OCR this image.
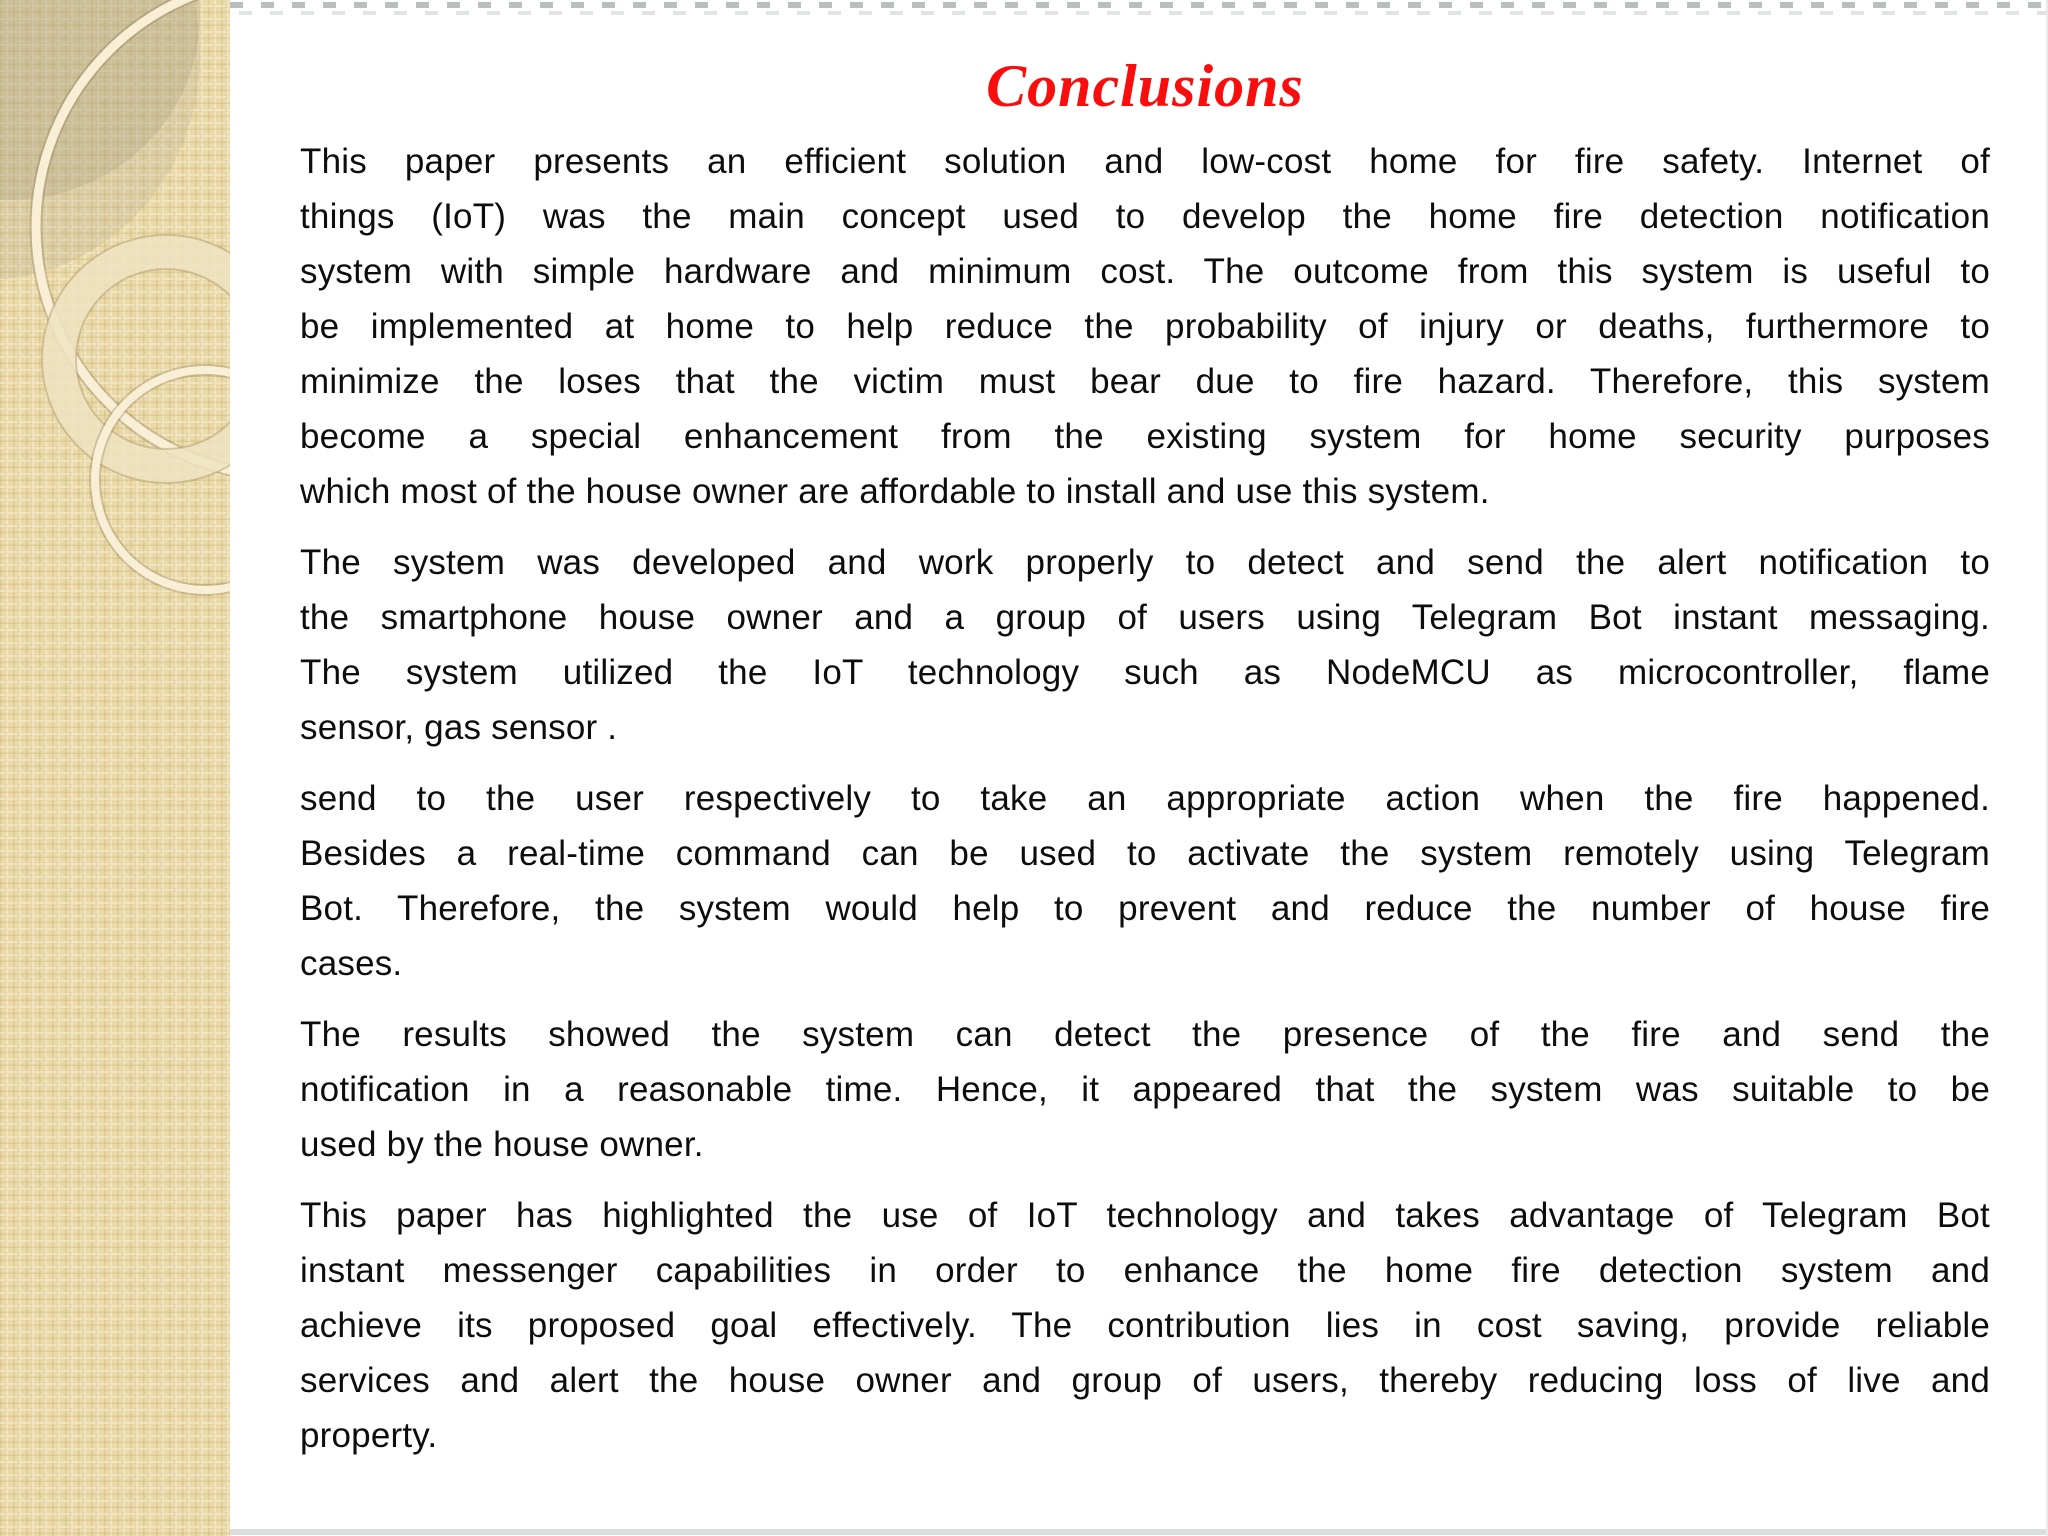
Conclusions

This paper presents an efficient solution and low-cost home for fire safety. Internet of
things (IoT) was the main concept used to develop the home fire detection notification
system with simple hardware and minimum cost. The outcome from this system is useful to
be implemented at home to help reduce the probability of injury or deaths, furthermore to
minimize the loses that the victim must bear due to fire hazard. Therefore, this system
become a special enhancement from the existing system for home security purposes
which most of the house owner are affordable to install and use this system.

The system was developed and work properly to detect and send the alert notification to
the smartphone house owner and a group of users using Telegram Bot instant messaging.
The system utilized the IoT technology such as NodeMCU as microcontroller, flame
sensor, gas sensor .

send to the user respectively to take an appropriate action when the fire happened.
Besides a real-time command can be used to activate the system remotely using Telegram
Bot. Therefore, the system would help to prevent and reduce the number of house fire
cases.

The results showed the system can detect the presence of the fire and send the
notification in a reasonable time. Hence, it appeared that the system was suitable to be
used by the house owner.

This paper has highlighted the use of IoT technology and takes advantage of Telegram Bot
instant messenger capabilities in order to enhance the home fire detection system and
achieve its proposed goal effectively. The contribution lies in cost saving, provide reliable
services and alert the house owner and group of users, thereby reducing loss of live and
property.
